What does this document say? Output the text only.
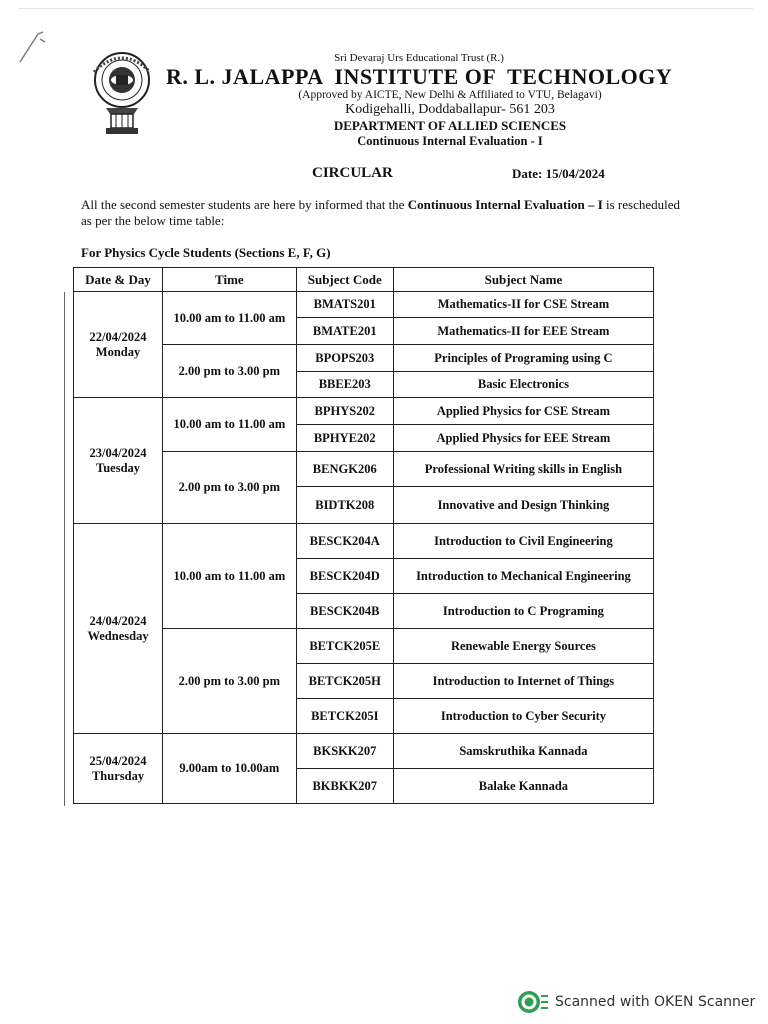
Sri Devaraj Urs Educational Trust (R.)
R. L. JALAPPA  INSTITUTE OF  TECHNOLOGY
(Approved by AICTE, New Delhi & Affiliated to VTU, Belagavi)
Kodigehalli, Doddaballapur- 561 203
DEPARTMENT OF ALLIED SCIENCES
Continuous Internal Evaluation - I
CIRCULAR	Date: 15/04/2024
All the second semester students are here by informed that the Continuous Internal Evaluation – I is rescheduled as per the below time table:
For Physics Cycle Students (Sections E, F, G)
Date & Day	Time	Subject Code	Subject Name

22/04/2024
Monday	10.00 am to 11.00 am	BMATS201	Mathematics-II for CSE Stream
		BMATE201	Mathematics-II for EEE Stream
	2.00 pm to 3.00 pm	BPOPS203	Principles of Programing using C
		BBEE203	Basic Electronics

23/04/2024
Tuesday	10.00 am to 11.00 am	BPHYS202	Applied Physics for CSE Stream
		BPHYE202	Applied Physics for EEE Stream
	2.00 pm to 3.00 pm	BENGK206	Professional Writing skills in English
		BIDTK208	Innovative and Design Thinking

24/04/2024
Wednesday	10.00 am to 11.00 am	BESCK204A	Introduction to Civil Engineering
		BESCK204D	Introduction to Mechanical Engineering
		BESCK204B	Introduction to C Programing
	2.00 pm to 3.00 pm	BETCK205E	Renewable Energy Sources
		BETCK205H	Introduction to Internet of Things
		BETCK205I	Introduction to Cyber Security

25/04/2024
Thursday	9.00am to 10.00am	BKSKK207	Samskruthika Kannada
		BKBKK207	Balake Kannada
Scanned with OKEN Scanner
